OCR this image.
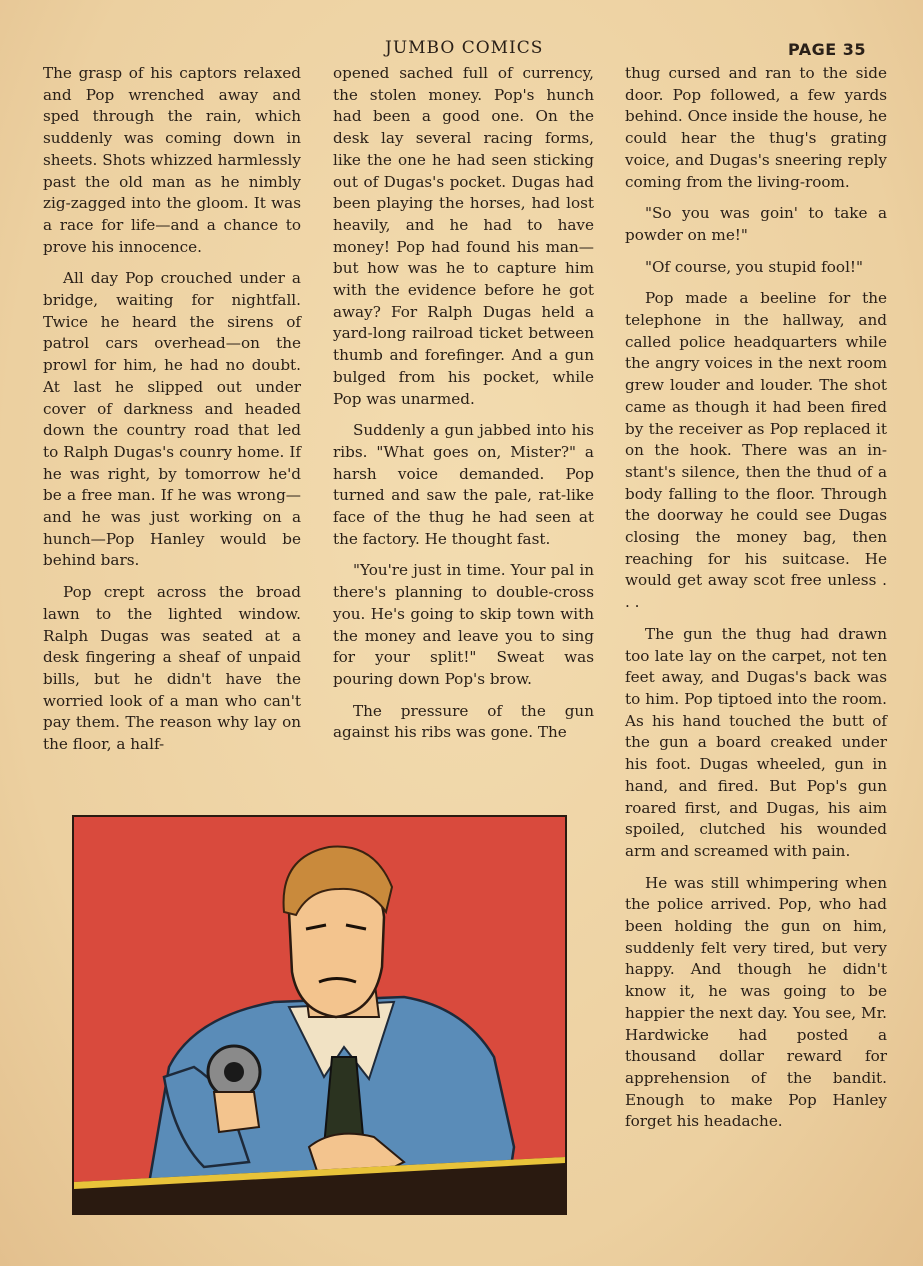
JUMBO COMICS	PAGE 35

The grasp of his captors relaxed and Pop wrenched away and sped through the rain, which suddenly was coming down in sheets. Shots whizzed harmlessly past the old man as he nimbly zig-zagged into the gloom. It was a race for life—and a chance to prove his innocence.

All day Pop crouched under a bridge, waiting for nightfall. Twice he heard the sirens of patrol cars overhead—on the prowl for him, he had no doubt. At last he slipped out under cover of darkness and headed down the country road that led to Ralph Dugas's counry home. If he was right, by tomorrow he'd be a free man. If he was wrong—and he was just working on a hunch—Pop Hanley would be behind bars.

Pop crept across the broad lawn to the lighted window. Ralph Dugas was seated at a desk fingering a sheaf of unpaid bills, but he didn't have the worried look of a man who can't pay them. The reason why lay on the floor, a half-

opened sached full of currency, the stolen money. Pop's hunch had been a good one. On the desk lay several racing forms, like the one he had seen sticking out of Dugas's pocket. Dugas had been playing the horses, had lost heavily, and he had to have money! Pop had found his man—but how was he to capture him with the evidence before he got away? For Ralph Dugas held a yard-long railroad ticket between thumb and forefinger. And a gun bulged from his pocket, while Pop was unarmed.

Suddenly a gun jabbed into his ribs. "What goes on, Mister?" a harsh voice demanded. Pop turned and saw the pale, rat-like face of the thug he had seen at the factory. He thought fast.

"You're just in time. Your pal in there's planning to double-cross you. He's going to skip town with the money and leave you to sing for your split!" Sweat was pouring down Pop's brow.

The pressure of the gun against his ribs was gone. The

thug cursed and ran to the side door. Pop followed, a few yards behind. Once inside the house, he could hear the thug's grating voice, and Dugas's sneering reply coming from the living-room.

"So you was goin' to take a powder on me!"

"Of course, you stupid fool!"

Pop made a beeline for the telephone in the hallway, and called police headquarters while the angry voices in the next room grew louder and louder. The shot came as though it had been fired by the receiver as Pop replaced it on the hook. There was an instant's silence, then the thud of a body falling to the floor. Through the doorway he could see Dugas closing the money bag, then reaching for his suitcase. He would get away scot free unless . . .

The gun the thug had drawn too late lay on the carpet, not ten feet away, and Dugas's back was to him. Pop tiptoed into the room. As his hand touched the butt of the gun a board creaked under his foot. Dugas wheeled, gun in hand, and fired. But Pop's gun roared first, and Dugas, his aim spoiled, clutched his wounded arm and screamed with pain.

He was still whimpering when the police arrived. Pop, who had been holding the gun on him, suddenly felt very tired, but very happy. And though he didn't know it, he was going to be happier the next day. You see, Mr. Hardwicke had posted a thousand dollar reward for apprehension of the bandit. Enough to make Pop Hanley forget his headache.
